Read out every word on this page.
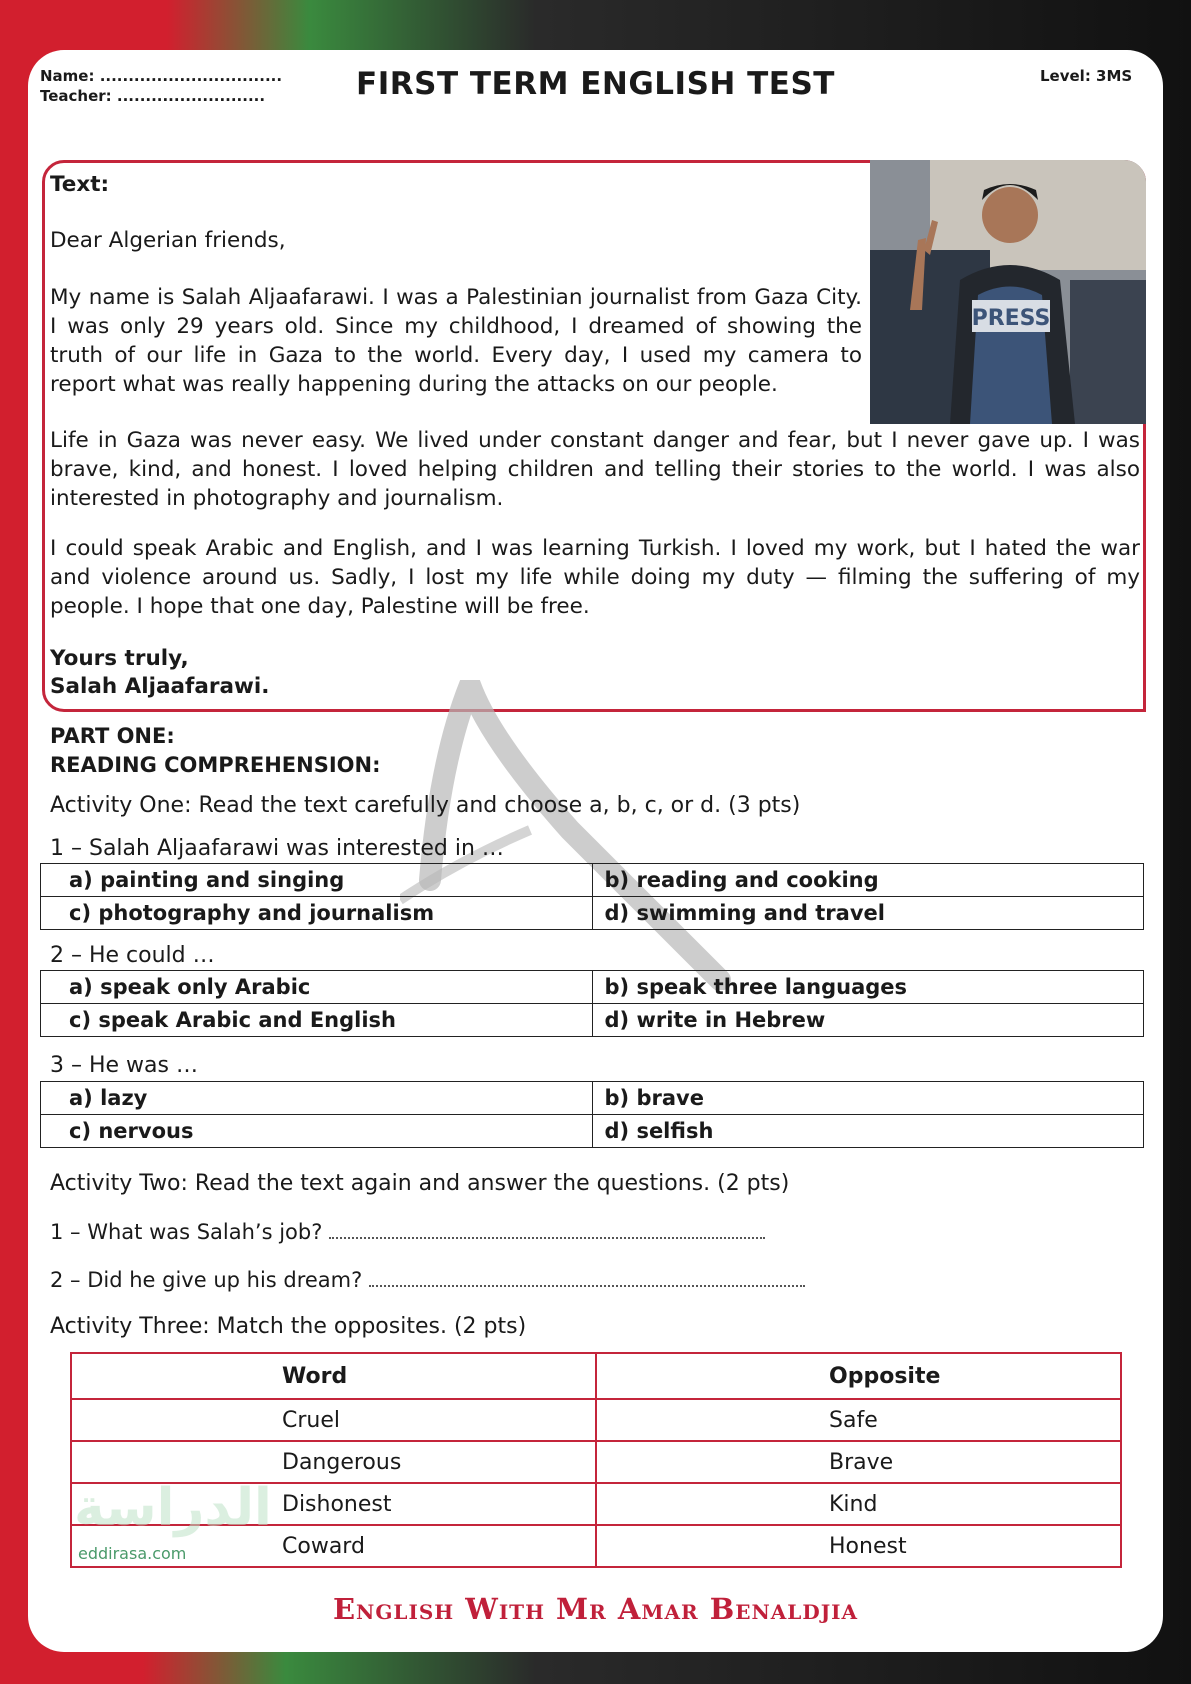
Name: ................................
Teacher: ..........................	FIRST TERM ENGLISH TEST	Level: 3MS
PRESS
Text:
Dear Algerian friends,
My name is Salah Aljaafarawi. I was a Palestinian journalist from Gaza City. I was only 29 years old. Since my childhood, I dreamed of showing the truth of our life in Gaza to the world. Every day, I used my camera to report what was really happening during the attacks on our people.
Life in Gaza was never easy. We lived under constant danger and fear, but I never gave up. I was brave, kind, and honest. I loved helping children and telling their stories to the world. I was also interested in photography and journalism.
I could speak Arabic and English, and I was learning Turkish. I loved my work, but I hated the war and violence around us. Sadly, I lost my life while doing my duty — filming the suffering of my people. I hope that one day, Palestine will be free.
Yours truly,
Salah Aljaafarawi.
PART ONE:
READING COMPREHENSION:
Activity One: Read the text carefully and choose a, b, c, or d. (3 pts)
1 – Salah Aljaafarawi was interested in …
a) painting and singing	b) reading and cooking
c) photography and journalism	d) swimming and travel
2 – He could …
a) speak only Arabic	b) speak three languages
c) speak Arabic and English	d) write in Hebrew
3 – He was …
a) lazy	b) brave
c) nervous	d) selfish
Activity Two: Read the text again and answer the questions. (2 pts)
1 – What was Salah’s job?
2 – Did he give up his dream?
Activity Three: Match the opposites. (2 pts)
Word	Opposite
Cruel	Safe
Dangerous	Brave
Dishonest	Kind
Coward	Honest
الدراسة
eddirasa.com
English With Mr Amar Benaldjia
